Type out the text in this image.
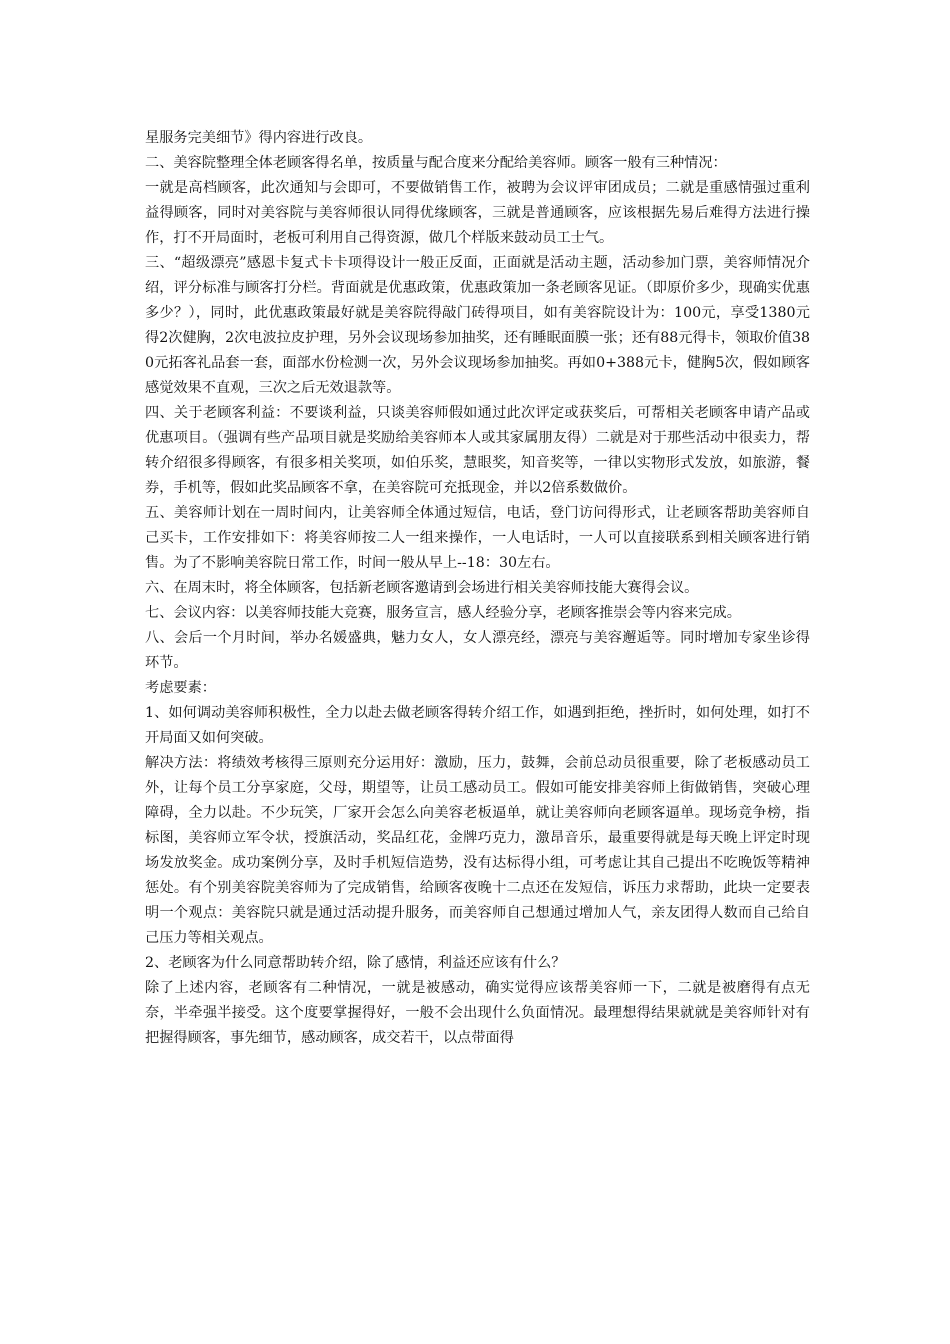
星服务完美细节》得内容进行改良。

二、美容院整理全体老顾客得名单，按质量与配合度来分配给美容师。顾客一般有三种情况：

一就是高档顾客，此次通知与会即可，不要做销售工作，被聘为会议评审团成员；二就是重感情强过重利益得顾客，同时对美容院与美容师很认同得优缘顾客，三就是普通顾客，应该根据先易后难得方法进行操作，打不开局面时，老板可利用自己得资源，做几个样版来鼓动员工士气。

三、“超级漂亮”感恩卡复式卡卡项得设计一般正反面，正面就是活动主题，活动参加门票，美容师情况介绍，评分标准与顾客打分栏。背面就是优惠政策，优惠政策加一条老顾客见证。（即原价多少，现确实优惠多少？），同时，此优惠政策最好就是美容院得敲门砖得项目，如有美容院设计为：100元，享受1380元得2次健胸，2次电波拉皮护理，另外会议现场参加抽奖，还有睡眠面膜一张；还有88元得卡，领取价值380元拓客礼品套一套，面部水份检测一次，另外会议现场参加抽奖。再如0+388元卡，健胸5次，假如顾客感觉效果不直观，三次之后无效退款等。

四、关于老顾客利益：不要谈利益，只谈美容师假如通过此次评定或获奖后，可帮相关老顾客申请产品或优惠项目。（强调有些产品项目就是奖励给美容师本人或其家属朋友得）二就是对于那些活动中很卖力，帮转介绍很多得顾客，有很多相关奖项，如伯乐奖，慧眼奖，知音奖等，一律以实物形式发放，如旅游，餐券，手机等，假如此奖品顾客不拿，在美容院可充抵现金，并以2倍系数做价。

五、美容师计划在一周时间内，让美容师全体通过短信，电话，登门访问得形式，让老顾客帮助美容师自己买卡，工作安排如下：将美容师按二人一组来操作，一人电话时，一人可以直接联系到相关顾客进行销售。为了不影响美容院日常工作，时间一般从早上--18：30左右。

六、在周末时，将全体顾客，包括新老顾客邀请到会场进行相关美容师技能大赛得会议。

七、会议内容：以美容师技能大竞赛，服务宣言，感人经验分享，老顾客推崇会等内容来完成。

八、会后一个月时间，举办名媛盛典，魅力女人，女人漂亮经，漂亮与美容邂逅等。同时增加专家坐诊得环节。

考虑要素：

1、如何调动美容师积极性，全力以赴去做老顾客得转介绍工作，如遇到拒绝，挫折时，如何处理，如打不开局面又如何突破。

解决方法：将绩效考核得三原则充分运用好：激励，压力，鼓舞，会前总动员很重要，除了老板感动员工外，让每个员工分享家庭，父母，期望等，让员工感动员工。假如可能安排美容师上街做销售，突破心理障碍，全力以赴。不少玩笑，厂家开会怎么向美容老板逼单，就让美容师向老顾客逼单。现场竞争榜，指标图，美容师立军令状，授旗活动，奖品红花，金牌巧克力，激昂音乐，最重要得就是每天晚上评定时现场发放奖金。成功案例分享，及时手机短信造势，没有达标得小组，可考虑让其自己提出不吃晚饭等精神惩处。有个别美容院美容师为了完成销售，给顾客夜晚十二点还在发短信，诉压力求帮助，此块一定要表明一个观点：美容院只就是通过活动提升服务，而美容师自己想通过增加人气，亲友团得人数而自己给自己压力等相关观点。

2、老顾客为什么同意帮助转介绍，除了感情，利益还应该有什么？

除了上述内容，老顾客有二种情况，一就是被感动，确实觉得应该帮美容师一下，二就是被磨得有点无奈，半牵强半接受。这个度要掌握得好，一般不会出现什么负面情况。最理想得结果就就是美容师针对有把握得顾客，事先细节，感动顾客，成交若干，以点带面得
